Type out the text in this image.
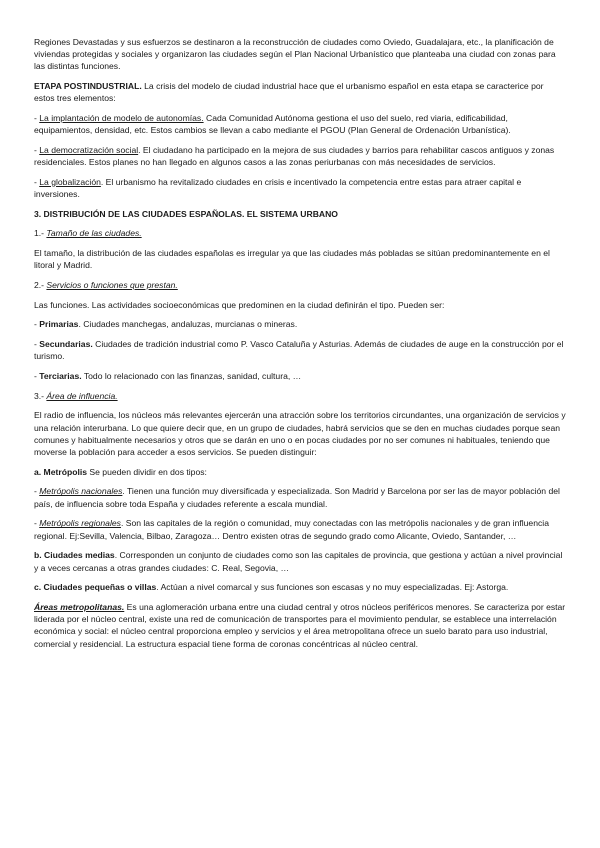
Regiones Devastadas y sus esfuerzos se destinaron a la reconstrucción de ciudades como Oviedo, Guadalajara, etc., la planificación de viviendas protegidas y sociales y organizaron las ciudades según el Plan Nacional Urbanístico que planteaba una ciudad con zonas para las distintas funciones.

ETAPA POSTINDUSTRIAL. La crisis del modelo de ciudad industrial hace que el urbanismo español en esta etapa se caracterice por estos tres elementos:

- La implantación de modelo de autonomías. Cada Comunidad Autónoma gestiona el uso del suelo, red viaria, edificabilidad, equipamientos, densidad, etc. Estos cambios se llevan a cabo mediante el PGOU (Plan General de Ordenación Urbanística).

- La democratización social. El ciudadano ha participado en la mejora de sus ciudades y barrios para rehabilitar cascos antiguos y zonas residenciales. Estos planes no han llegado en algunos casos a las zonas periurbanas con más necesidades de servicios.

- La globalización. El urbanismo ha revitalizado ciudades en crisis e incentivado la competencia entre estas para atraer capital e inversiones.

3. DISTRIBUCIÓN DE LAS CIUDADES ESPAÑOLAS. EL SISTEMA URBANO

1.- Tamaño de las ciudades.

El tamaño, la distribución de las ciudades españolas es irregular ya que las ciudades más pobladas se sitúan predominantemente en el litoral y Madrid.

2.- Servicios o funciones que prestan.

Las funciones. Las actividades socioeconómicas que predominen en la ciudad definirán el tipo. Pueden ser:

- Primarias. Ciudades manchegas, andaluzas, murcianas o mineras.

- Secundarias. Ciudades de tradición industrial como P. Vasco Cataluña y Asturias. Además de ciudades de auge en la construcción por el turismo.

- Terciarias. Todo lo relacionado con las finanzas, sanidad, cultura, …

3.- Área de influencia.

El radio de influencia, los núcleos más relevantes ejercerán una atracción sobre los territorios circundantes, una organización de servicios y una relación interurbana. Lo que quiere decir que, en un grupo de ciudades, habrá servicios que se den en muchas ciudades porque sean comunes y habitualmente necesarios y otros que se darán en uno o en pocas ciudades por no ser comunes ni habituales, teniendo que moverse la población para acceder a esos servicios. Se pueden distinguir:

a. Metrópolis Se pueden dividir en dos tipos:

- Metrópolis nacionales. Tienen una función muy diversificada y especializada. Son Madrid y Barcelona por ser las de mayor población del país, de influencia sobre toda España y ciudades referente a escala mundial.

- Metrópolis regionales. Son las capitales de la región o comunidad, muy conectadas con las metrópolis nacionales y de gran influencia regional. Ej:Sevilla, Valencia, Bilbao, Zaragoza… Dentro existen otras de segundo grado como Alicante, Oviedo, Santander, …

b. Ciudades medias. Corresponden un conjunto de ciudades como son las capitales de provincia, que gestiona y actúan a nivel provincial y a veces cercanas a otras grandes ciudades: C. Real, Segovia, …

c. Ciudades pequeñas o villas. Actúan a nivel comarcal y sus funciones son escasas y no muy especializadas. Ej: Astorga.

Áreas metropolitanas. Es una aglomeración urbana entre una ciudad central y otros núcleos periféricos menores. Se caracteriza por estar liderada por el núcleo central, existe una red de comunicación de transportes para el movimiento pendular, se establece una interrelación económica y social: el núcleo central proporciona empleo y servicios y el área metropolitana ofrece un suelo barato para uso industrial, comercial y residencial. La estructura espacial tiene forma de coronas concéntricas al núcleo central.
